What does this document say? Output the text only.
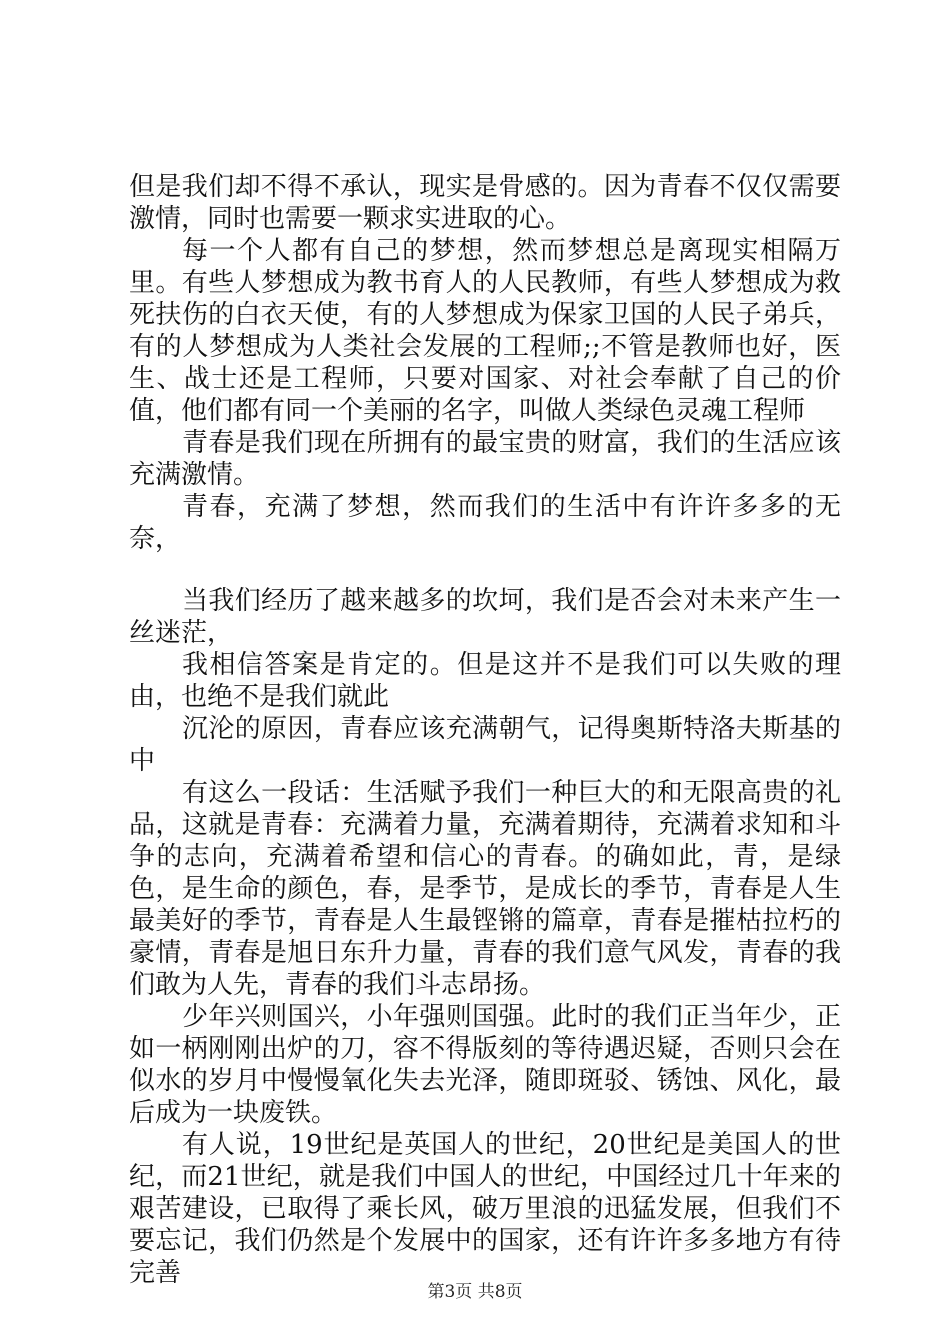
但是我们却不得不承认，现实是骨感的。因为青春不仅仅需要激情，同时也需要一颗求实进取的心。

每一个人都有自己的梦想，然而梦想总是离现实相隔万里。有些人梦想成为教书育人的人民教师，有些人梦想成为救死扶伤的白衣天使，有的人梦想成为保家卫国的人民子弟兵，有的人梦想成为人类社会发展的工程师;;不管是教师也好，医生、战士还是工程师，只要对国家、对社会奉献了自己的价值，他们都有同一个美丽的名字，叫做人类绿色灵魂工程师

青春是我们现在所拥有的最宝贵的财富，我们的生活应该充满激情。

青春，充满了梦想，然而我们的生活中有许许多多的无奈，

当我们经历了越来越多的坎坷，我们是否会对未来产生一丝迷茫，

我相信答案是肯定的。但是这并不是我们可以失败的理由，也绝不是我们就此

沉沦的原因，青春应该充满朝气，记得奥斯特洛夫斯基的中

有这么一段话：生活赋予我们一种巨大的和无限高贵的礼品，这就是青春：充满着力量，充满着期待，充满着求知和斗争的志向，充满着希望和信心的青春。的确如此，青，是绿色，是生命的颜色，春，是季节，是成长的季节，青春是人生最美好的季节，青春是人生最铿锵的篇章，青春是摧枯拉朽的豪情，青春是旭日东升力量，青春的我们意气风发，青春的我们敢为人先，青春的我们斗志昂扬。

少年兴则国兴，小年强则国强。此时的我们正当年少，正如一柄刚刚出炉的刀，容不得版刻的等待遇迟疑，否则只会在似水的岁月中慢慢氧化失去光泽，随即斑驳、锈蚀、风化，最后成为一块废铁。

有人说，19世纪是英国人的世纪，20世纪是美国人的世纪，而21世纪，就是我们中国人的世纪，中国经过几十年来的艰苦建设，已取得了乘长风，破万里浪的迅猛发展，但我们不要忘记，我们仍然是个发展中的国家，还有许许多多地方有待完善

第3页 共8页
